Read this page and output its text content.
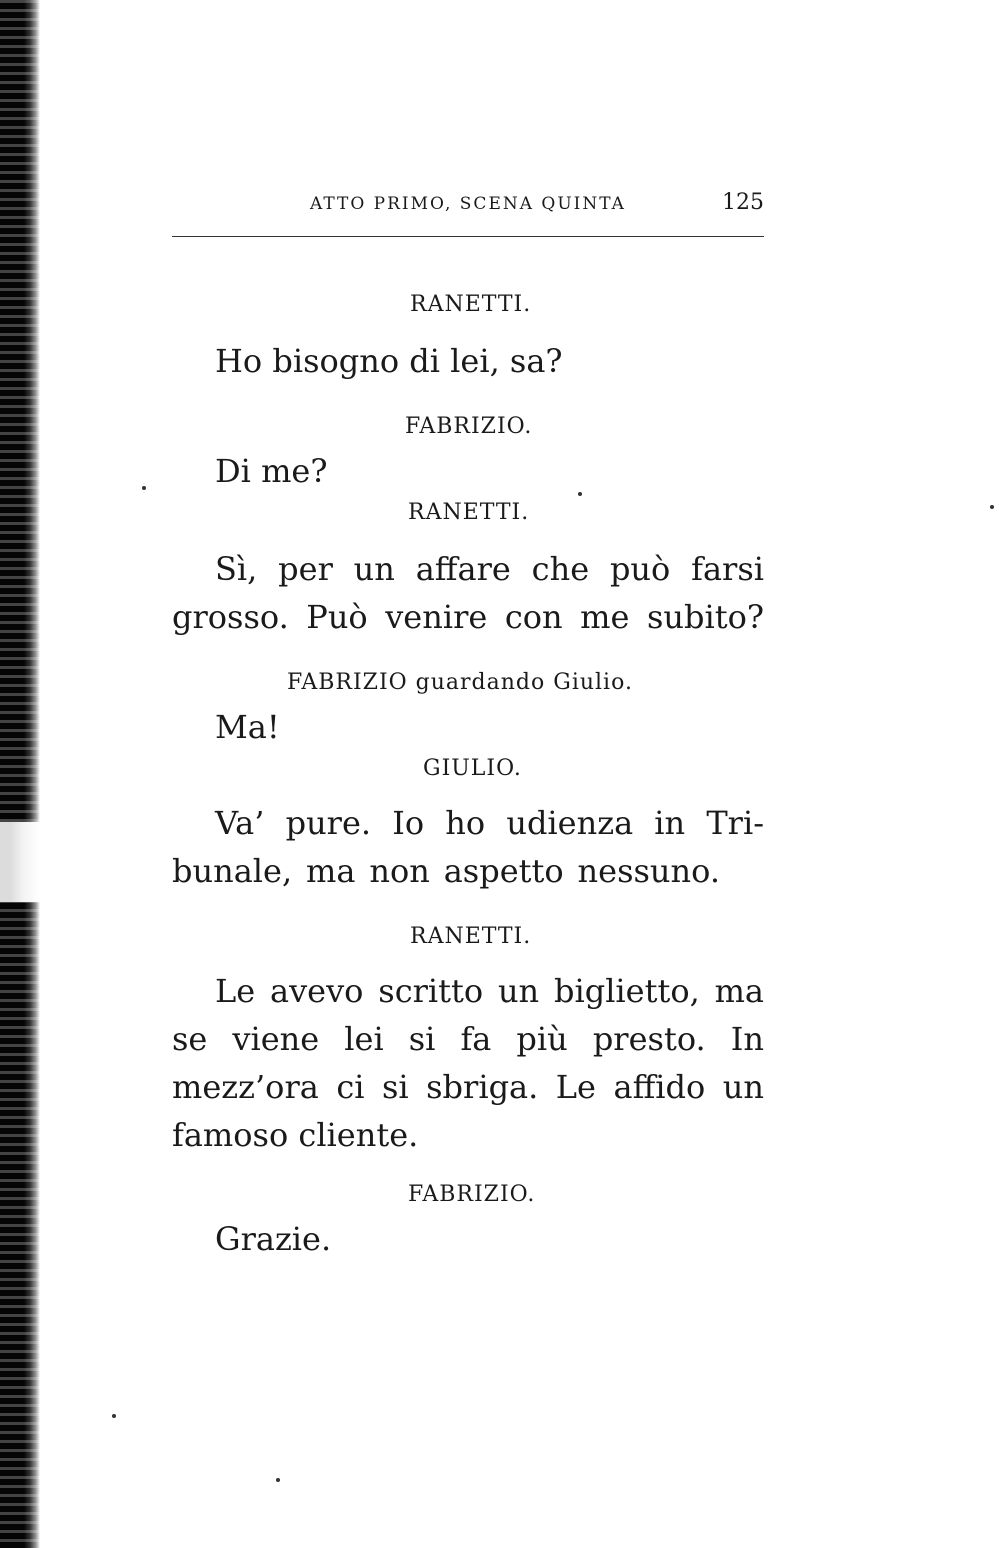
ATTO PRIMO, SCENA QUINTA	125
RANETTI.
Ho bisogno di lei, sa?
FABRIZIO.
Di me?
RANETTI.
Sì, per un affare che può farsi
grosso. Può venire con me subito?
FABRIZIO guardando Giulio.
Ma!
GIULIO.
Va’ pure. Io ho udienza in Tri-
bunale, ma non aspetto nessuno.
RANETTI.
Le avevo scritto un biglietto, ma
se viene lei si fa più presto. In
mezz’ora ci si sbriga. Le affido un
famoso cliente.
FABRIZIO.
Grazie.
